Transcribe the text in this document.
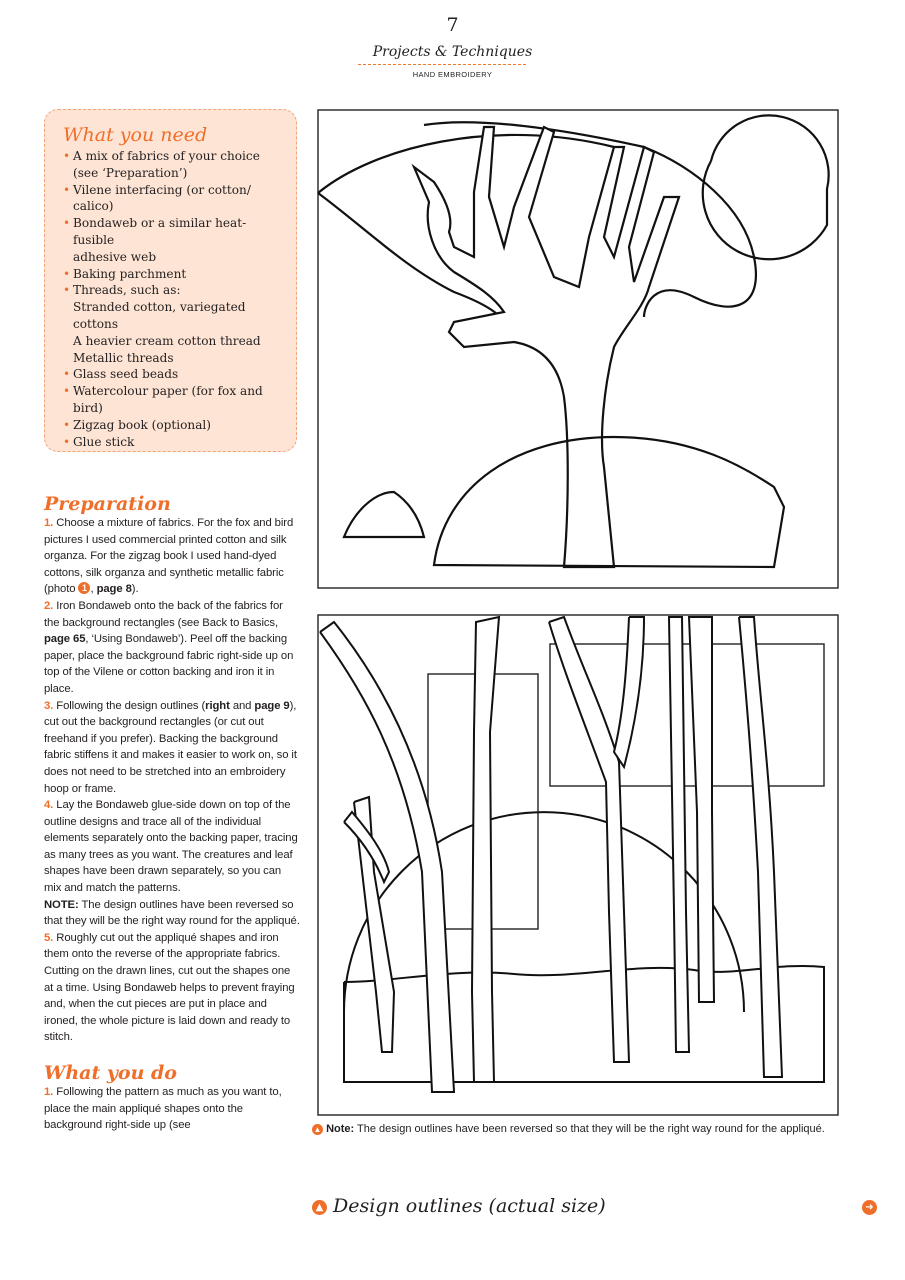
7
Projects & Techniques
HAND EMBROIDERY
What you need
• A mix of fabrics of your choice
(see ‘Preparation’)
• Vilene interfacing (or cotton/
calico)
• Bondaweb or a similar heat-fusible
adhesive web
• Baking parchment
• Threads, such as:
Stranded cotton, variegated
cottons
A heavier cream cotton thread
Metallic threads
• Glass seed beads
• Watercolour paper (for fox and
bird)
• Zigzag book (optional)
• Glue stick
Preparation

1. Choose a mixture of fabrics. For the fox and bird pictures I used commercial printed cotton and silk organza. For the zigzag book I used hand-dyed cottons, silk organza and synthetic metallic fabric (photo 1 , page 8).

2. Iron Bondaweb onto the back of the fabrics for the background rectangles (see Back to Basics, page 65, ‘Using Bondaweb’). Peel off the backing paper, place the background fabric right-side up on top of the Vilene or cotton backing and iron it in place.

3. Following the design outlines (right and page 9), cut out the background rectangles (or cut out freehand if you prefer). Backing the background fabric stiffens it and makes it easier to work on, so it does not need to be stretched into an embroidery hoop or frame.

4. Lay the Bondaweb glue-side down on top of the outline designs and trace all of the individual elements separately onto the backing paper, tracing as many trees as you want. The creatures and leaf shapes have been drawn separately, so you can mix and match the patterns.

NOTE: The design outlines have been reversed so that they will be the right way round for the appliqué.

5. Roughly cut out the appliqué shapes and iron them onto the reverse of the appropriate fabrics. Cutting on the drawn lines, cut out the shapes one at a time. Using Bondaweb helps to prevent fraying and, when the cut pieces are put in place and ironed, the whole picture is laid down and ready to stitch.

What you do

1. Following the pattern as much as you want to, place the main appliqué shapes onto the background right-side up (see	▲ Note: The design outlines have been reversed so that they will be the right way round for the appliqué.
▲ Design outlines (actual size)	➜
